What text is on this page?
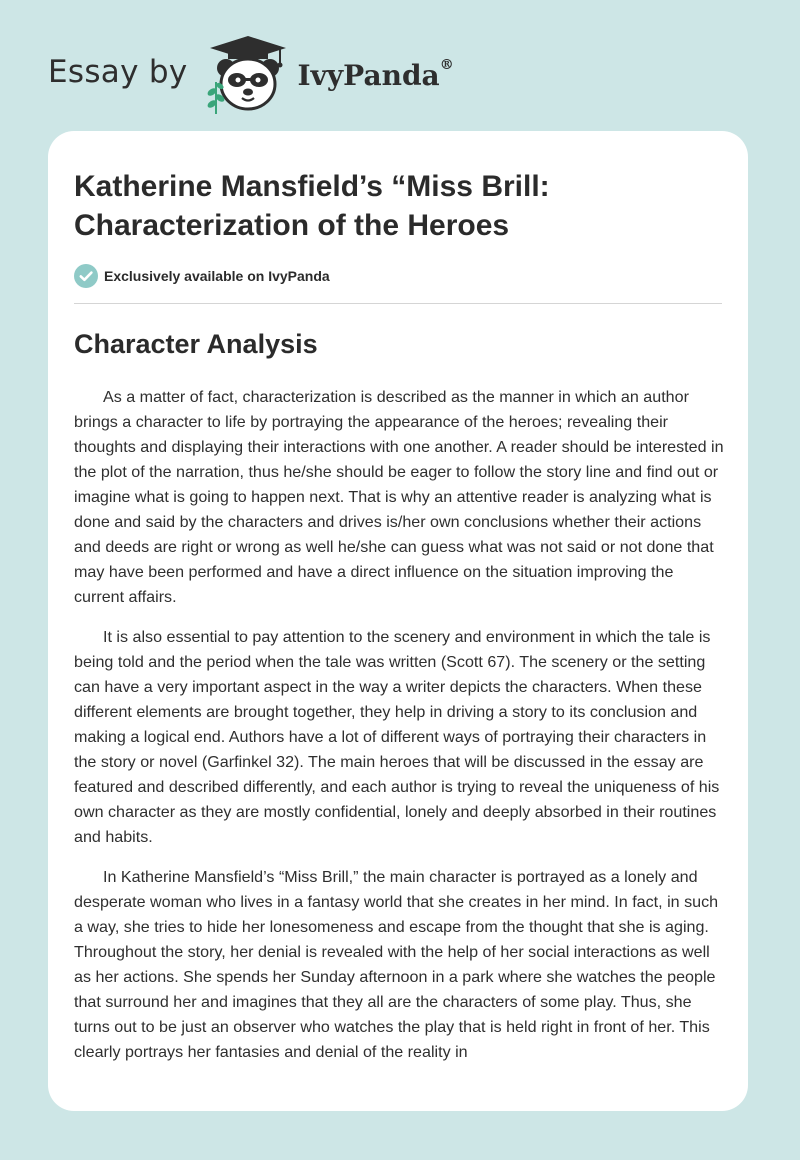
Essay by	IvyPanda®
Katherine Mansfield’s “Miss Brill: Characterization of the Heroes
Exclusively available on IvyPanda
Character Analysis

As a matter of fact, characterization is described as the manner in which an author brings a character to life by portraying the appearance of the heroes; revealing their thoughts and displaying their interactions with one another. A reader should be interested in the plot of the narration, thus he/she should be eager to follow the story line and find out or imagine what is going to happen next. That is why an attentive reader is analyzing what is done and said by the characters and drives is/her own conclusions whether their actions and deeds are right or wrong as well he/she can guess what was not said or not done that may have been performed and have a direct influence on the situation improving the current affairs.

It is also essential to pay attention to the scenery and environment in which the tale is being told and the period when the tale was written (Scott 67). The scenery or the setting can have a very important aspect in the way a writer depicts the characters. When these different elements are brought together, they help in driving a story to its conclusion and making a logical end. Authors have a lot of different ways of portraying their characters in the story or novel (Garfinkel 32). The main heroes that will be discussed in the essay are featured and described differently, and each author is trying to reveal the uniqueness of his own character as they are mostly confidential, lonely and deeply absorbed in their routines and habits.

In Katherine Mansfield’s “Miss Brill,” the main character is portrayed as a lonely and desperate woman who lives in a fantasy world that she creates in her mind. In fact, in such a way, she tries to hide her lonesomeness and escape from the thought that she is aging. Throughout the story, her denial is revealed with the help of her social interactions as well as her actions. She spends her Sunday afternoon in a park where she watches the people that surround her and imagines that they all are the characters of some play. Thus, she turns out to be just an observer who watches the play that is held right in front of her. This clearly portrays her fantasies and denial of the reality in
